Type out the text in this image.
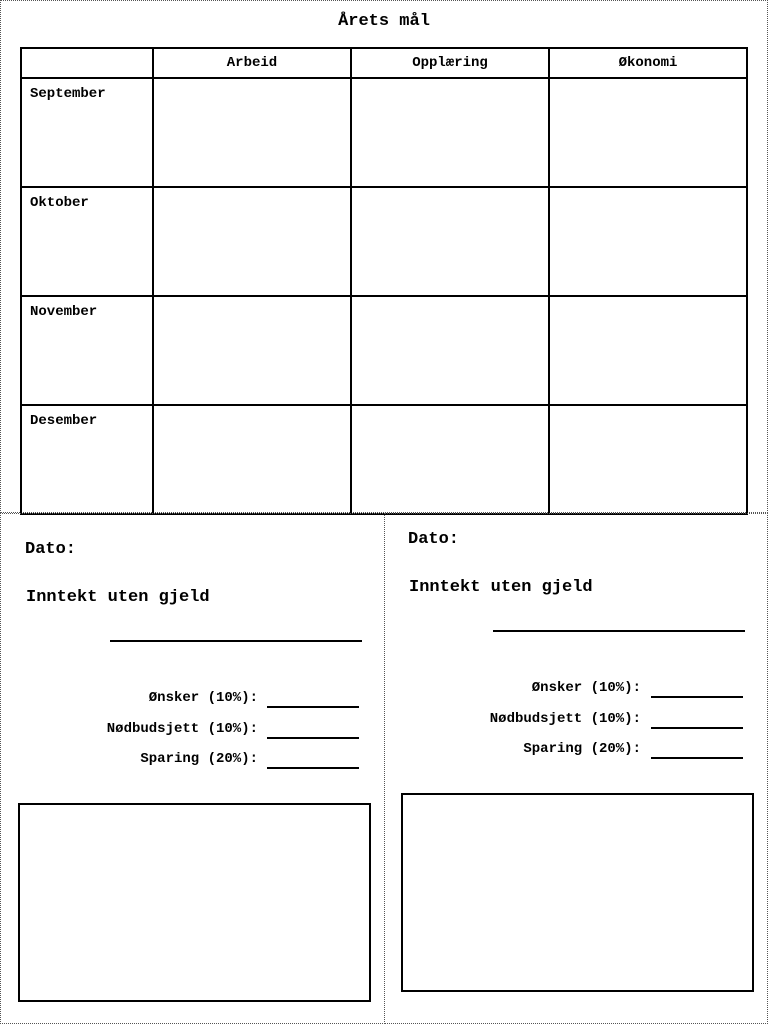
Årets mål
	Arbeid	Opplæring	Økonomi
September			
Oktober			
November			
Desember			
Dato:
Inntekt uten gjeld
Ønsker (10%):
Nødbudsjett (10%):
Sparing (20%):
Dato:
Inntekt uten gjeld
Ønsker (10%):
Nødbudsjett (10%):
Sparing (20%):
